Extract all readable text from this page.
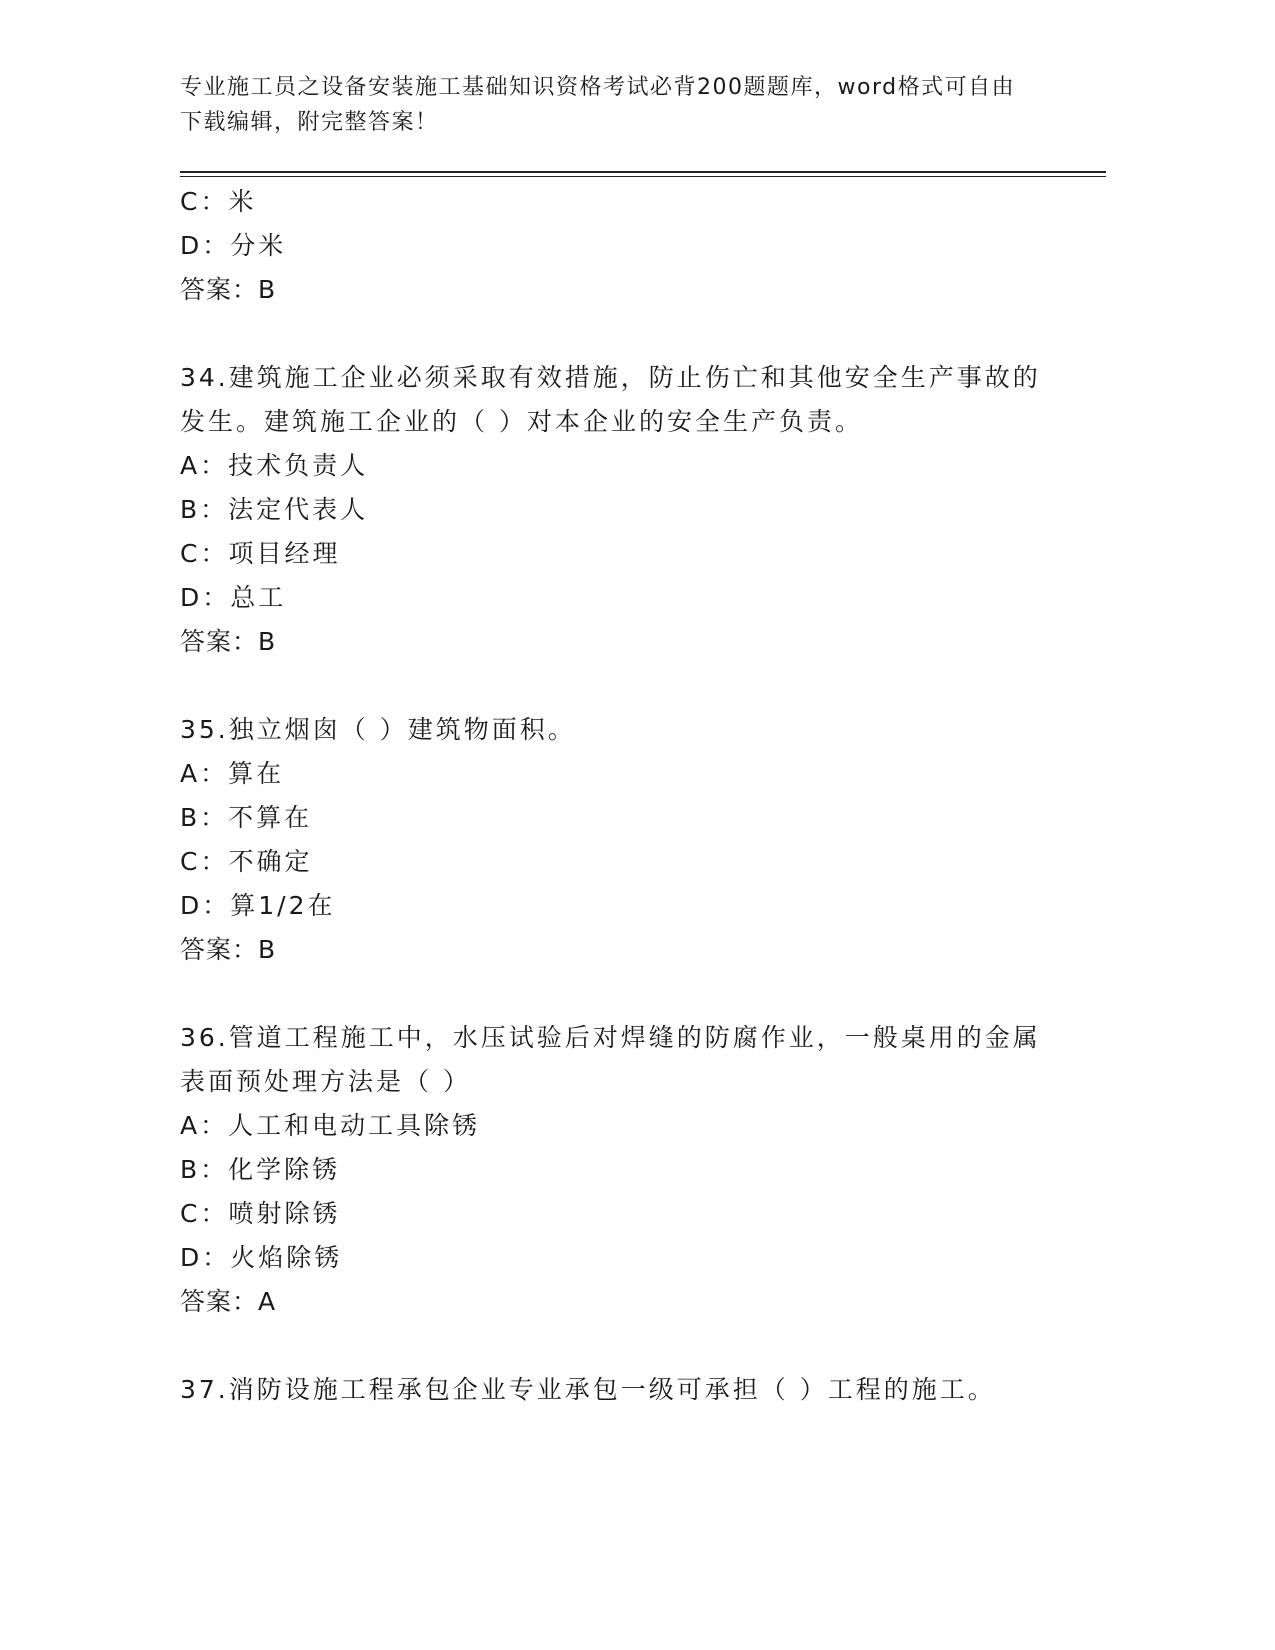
专业施工员之设备安装施工基础知识资格考试必背200题题库，word格式可自由
下载编辑，附完整答案！
C：米
D：分米
答案：B
34.建筑施工企业必须采取有效措施，防止伤亡和其他安全生产事故的
发生。建筑施工企业的（ ）对本企业的安全生产负责。
A：技术负责人
B：法定代表人
C：项目经理
D：总工
答案：B
35.独立烟囱（ ）建筑物面积。
A：算在
B：不算在
C：不确定
D：算1/2在
答案：B
36.管道工程施工中，水压试验后对焊缝的防腐作业，一般桌用的金属
表面预处理方法是（ ）
A：人工和电动工具除锈
B：化学除锈
C：喷射除锈
D：火焰除锈
答案：A
37.消防设施工程承包企业专业承包一级可承担（ ）工程的施工。
